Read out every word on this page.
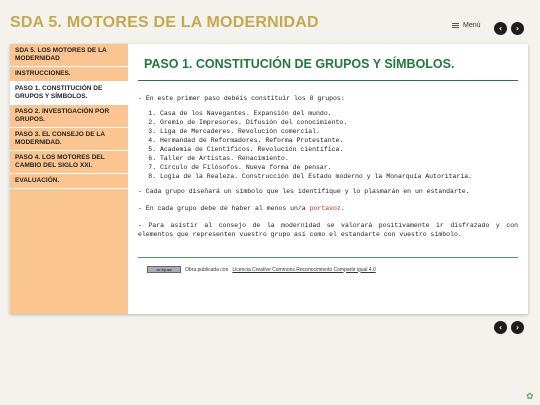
SDA 5. MOTORES DE LA MODERNIDAD	Menú	‹	›
SDA 5. LOS MOTORES DE LA MODERNIDAD
INSTRUCCIONES.
PASO 1. CONSTITUCIÓN DE GRUPOS Y SÍMBOLOS.
PASO 2. INVESTIGACIÓN POR GRUPOS.
PASO 3. EL CONSEJO DE LA MODERNIDAD.
PASO 4. LOS MOTORES DEL CAMBIO DEL SIGLO XXI.
EVALUACIÓN.
PASO 1. CONSTITUCIÓN DE GRUPOS Y SÍMBOLOS.

- En este primer paso debéis constituir los 8 grupos:

1. Casa de los Navegantes. Expansión del mundo.
2. Gremio de Impresores. Difusión del conocimiento.
3. Liga de Mercaderes. Revolución comercial.
4. Hermandad de Reformadores. Reforma Protestante.
5. Academia de Científicos. Revolución científica.
6. Taller de Artistas. Renacimiento.
7. Círculo de Filósofos. Nueva forma de pensar.
8. Logia de la Realeza. Construcción del Estado moderno y la Monarquía Autoritaria.

- Cada grupo diseñará un símbolo que les identifique y lo plasmarán en un estandarte.

- En cada grupo debe de haber al menos un/a portavoz.

- Para asistir al consejo de la modernidad se valorará positivamente ir disfrazado y con elementos que representen vuestro grupo así como el estandarte con vuestro símbolo.

cc by-sa	Obra publicada con Licencia Creative Commons Reconocimiento Compartir igual 4.0
‹	›
✿
